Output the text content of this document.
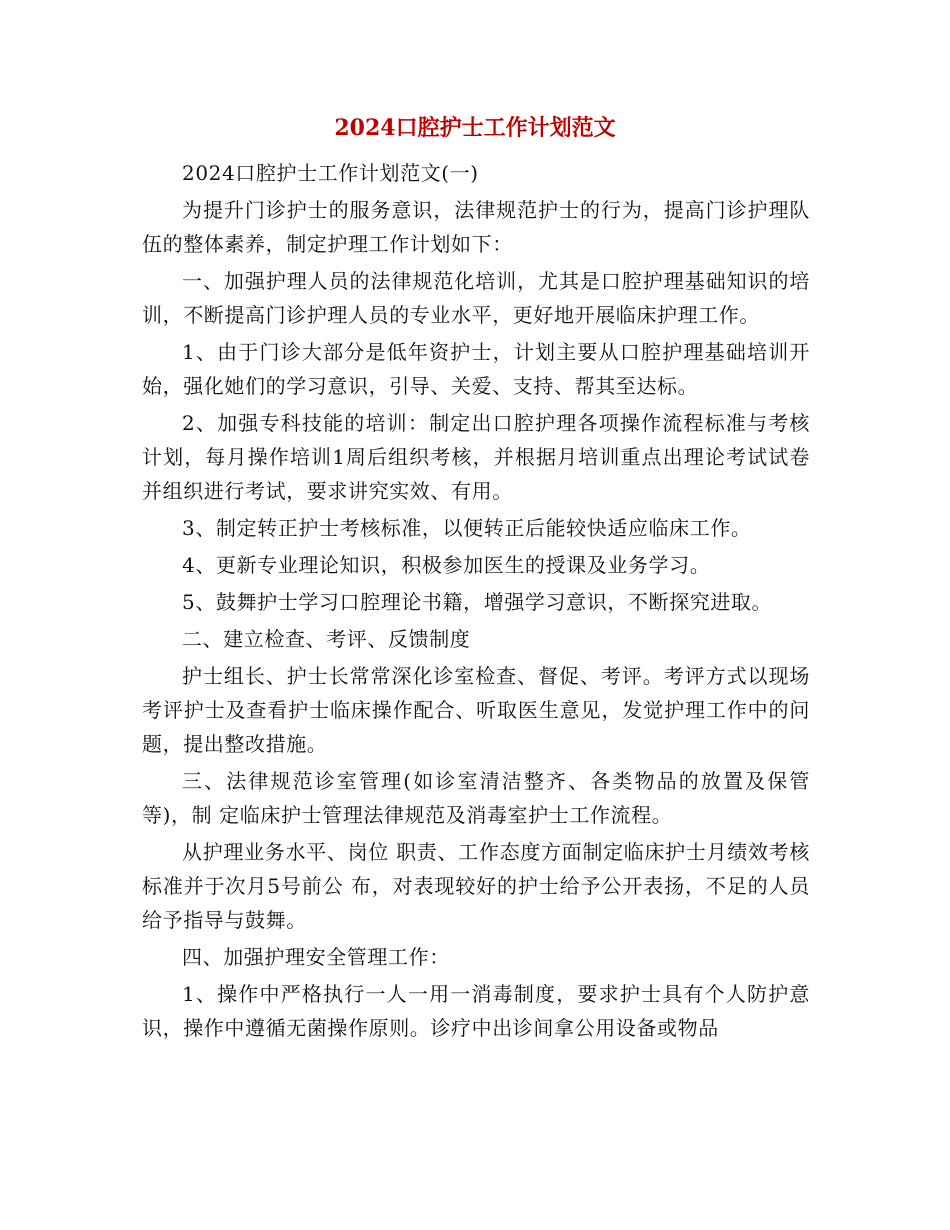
2024口腔护士工作计划范文

2024口腔护士工作计划范文(一)

为提升门诊护士的服务意识，法律规范护士的行为，提高门诊护理队伍的整体素养，制定护理工作计划如下：

一、加强护理人员的法律规范化培训，尤其是口腔护理基础知识的培训，不断提高门诊护理人员的专业水平，更好地开展临床护理工作。

1、由于门诊大部分是低年资护士，计划主要从口腔护理基础培训开始，强化她们的学习意识，引导、关爱、支持、帮其至达标。

2、加强专科技能的培训：制定出口腔护理各项操作流程标准与考核计划，每月操作培训1周后组织考核，并根据月培训重点出理论考试试卷并组织进行考试，要求讲究实效、有用。

3、制定转正护士考核标准，以便转正后能较快适应临床工作。

4、更新专业理论知识，积极参加医生的授课及业务学习。

5、鼓舞护士学习口腔理论书籍，增强学习意识，不断探究进取。

二、建立检查、考评、反馈制度

护士组长、护士长常常深化诊室检查、督促、考评。考评方式以现场考评护士及查看护士临床操作配合、听取医生意见，发觉护理工作中的问题，提出整改措施。

三、法律规范诊室管理(如诊室清洁整齐、各类物品的放置及保管等)，制 定临床护士管理法律规范及消毒室护士工作流程。

从护理业务水平、岗位 职责、工作态度方面制定临床护士月绩效考核标准并于次月5号前公 布，对表现较好的护士给予公开表扬，不足的人员给予指导与鼓舞。

四、加强护理安全管理工作：

1、操作中严格执行一人一用一消毒制度，要求护士具有个人防护意 识，操作中遵循无菌操作原则。诊疗中出诊间拿公用设备或物品
